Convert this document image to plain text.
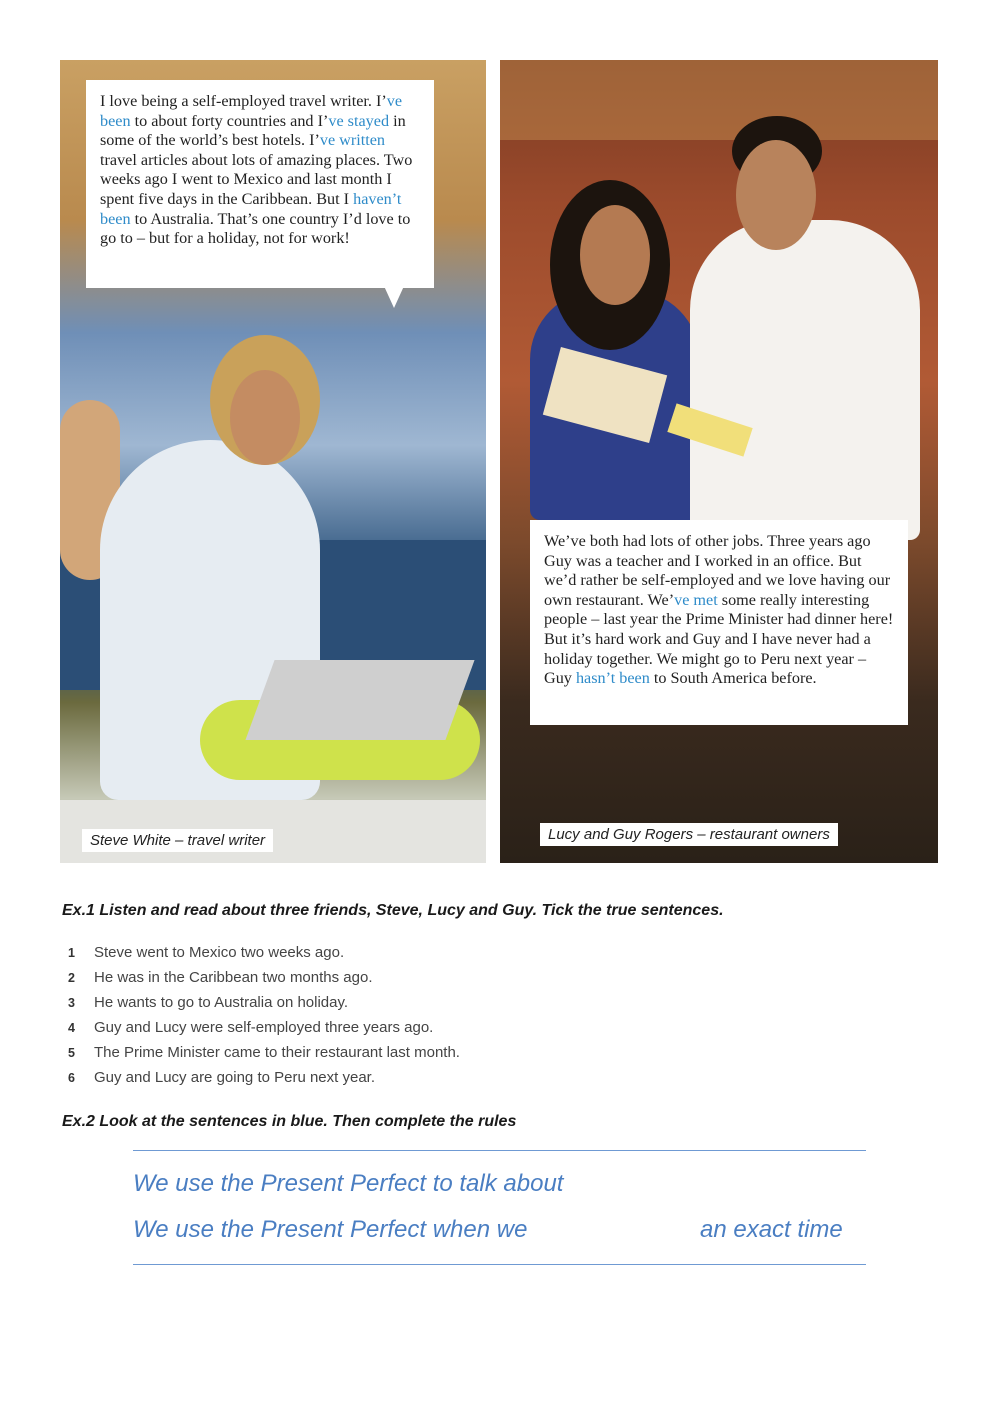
I love being a self-employed travel writer. I’ve been to about forty countries and I’ve stayed in some of the world’s best hotels. I’ve written travel articles about lots of amazing places. Two weeks ago I went to Mexico and last month I spent five days in the Caribbean. But I haven’t been to Australia. That’s one country I’d love to go to – but for a holiday, not for work!
Steve White – travel writer
We’ve both had lots of other jobs. Three years ago Guy was a teacher and I worked in an office. But we’d rather be self-employed and we love having our own restaurant. We’ve met some really interesting people – last year the Prime Minister had dinner here! But it’s hard work and Guy and I have never had a holiday together. We might go to Peru next year – Guy hasn’t been to South America before.
Lucy and Guy Rogers – restaurant owners
Ex.1 Listen and read about three friends, Steve, Lucy and Guy. Tick the true sentences.
1 Steve went to Mexico two weeks ago.
2 He was in the Caribbean two months ago.
3 He wants to go to Australia on holiday.
4 Guy and Lucy were self-employed three years ago.
5 The Prime Minister came to their restaurant last month.
6 Guy and Lucy are going to Peru next year.
Ex.2 Look at the sentences in blue. Then complete the rules
We use the Present Perfect to talk about
We use the Present Perfect when we	an exact time
